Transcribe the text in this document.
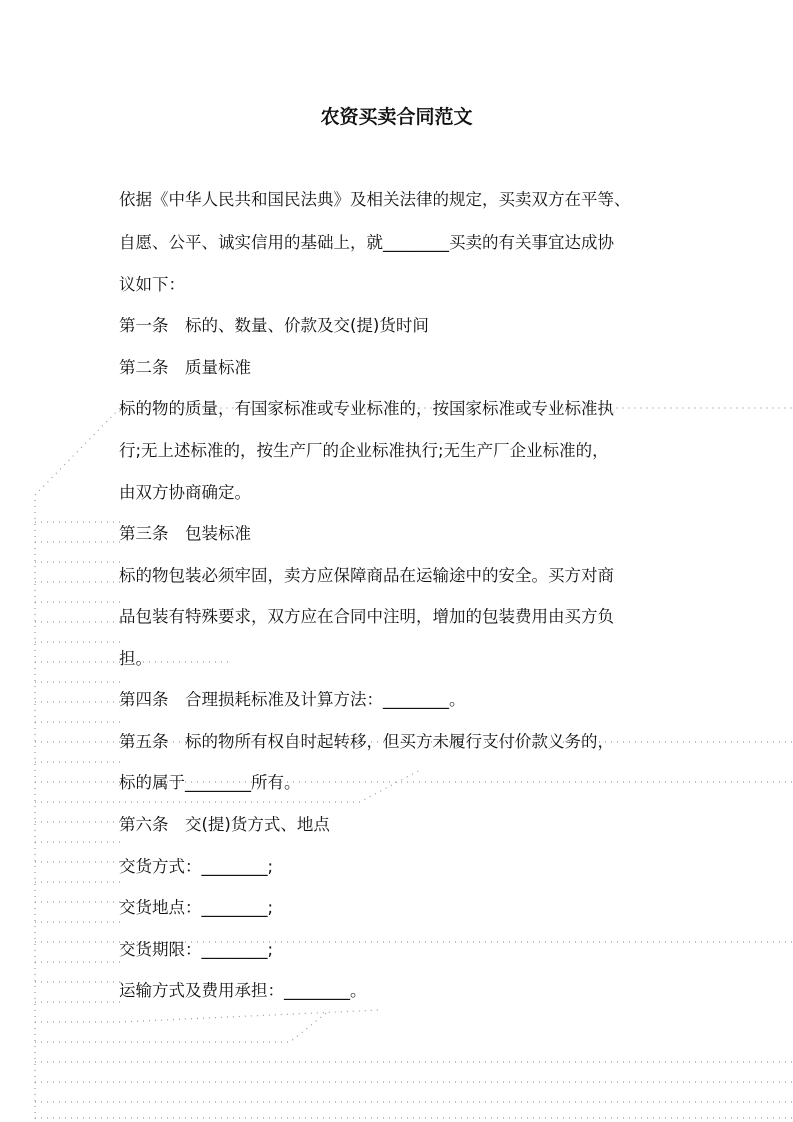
农资买卖合同范文
依据《中华人民共和国民法典》及相关法律的规定，买卖双方在平等、
自愿、公平、诚实信用的基础上，就________买卖的有关事宜达成协
议如下：
第一条　标的、数量、价款及交(提)货时间
第二条　质量标准
标的物的质量，有国家标准或专业标准的，按国家标准或专业标准执
行;无上述标准的，按生产厂的企业标准执行;无生产厂企业标准的，
由双方协商确定。
第三条　包装标准
标的物包装必须牢固，卖方应保障商品在运输途中的安全。买方对商
品包装有特殊要求，双方应在合同中注明，增加的包装费用由买方负
担。
第四条　合理损耗标准及计算方法：________。
第五条　标的物所有权自时起转移，但买方未履行支付价款义务的，
标的属于________所有。
第六条　交(提)货方式、地点
交货方式：________;
交货地点：________;
交货期限：________;
运输方式及费用承担：________。
